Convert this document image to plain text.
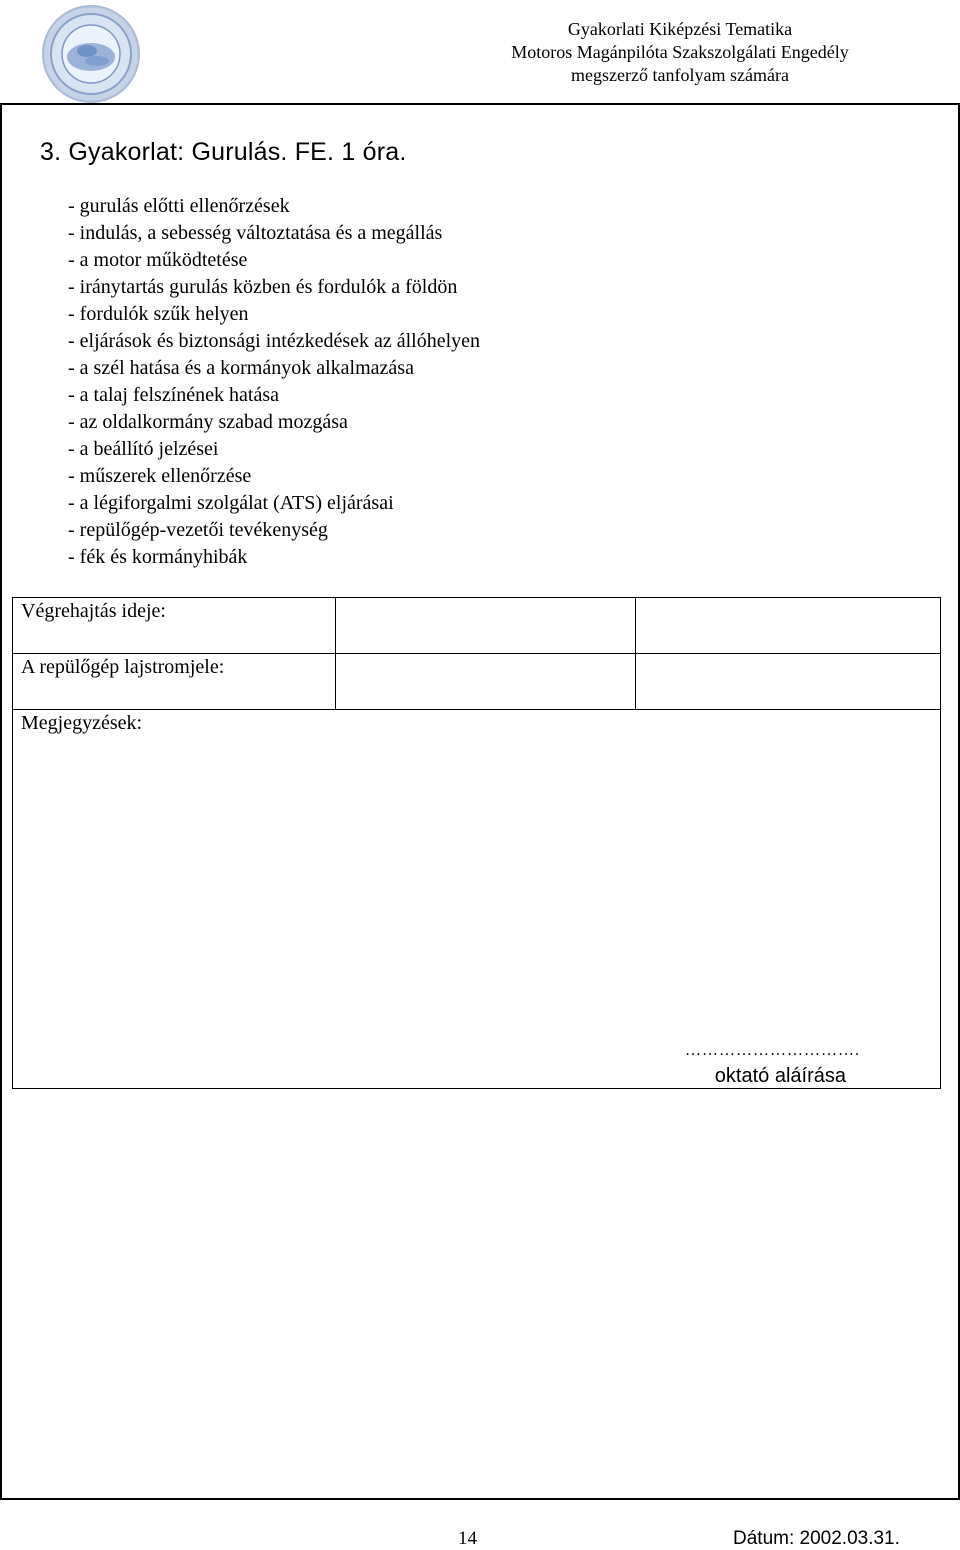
Gyakorlati Kiképzési Tematika
Motoros Magánpilóta Szakszolgálati Engedély
megszerző tanfolyam számára
3. Gyakorlat: Gurulás. FE. 1 óra.
- gurulás előtti ellenőrzések
- indulás, a sebesség változtatása és a megállás
- a motor működtetése
- iránytartás gurulás közben és fordulók a földön
- fordulók szűk helyen
- eljárások és biztonsági intézkedések az állóhelyen
- a szél hatása és a kormányok alkalmazása
- a talaj felszínének hatása
- az oldalkormány szabad mozgása
- a beállító jelzései
- műszerek ellenőrzése
- a légiforgalmi szolgálat (ATS) eljárásai
- repülőgép-vezetői tevékenység
- fék és kormányhibák
Végrehajtás ideje:		
A repülőgép lajstromjele:		
Megjegyzések:
………………………….
oktató aláírása		
14	Dátum: 2002.03.31.
